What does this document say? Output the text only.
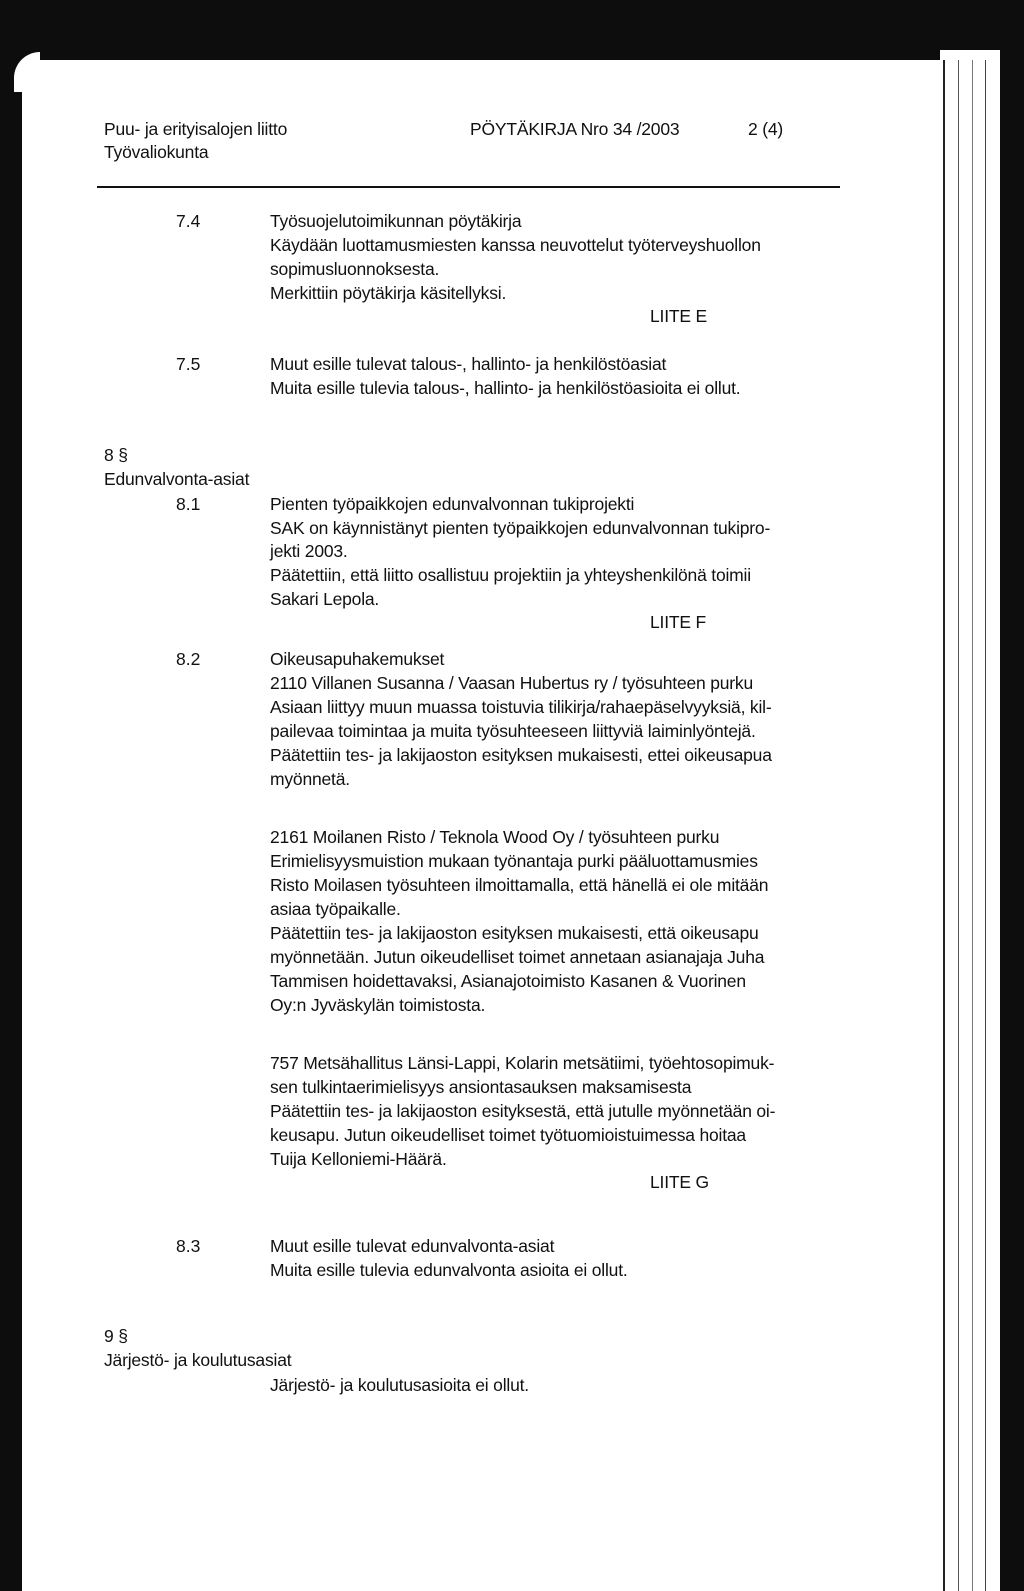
Puu- ja erityisalojen liitto
Työvaliokunta
PÖYTÄKIRJA Nro 34 /2003	2 (4)
7.4	Työsuojelutoimikunnan pöytäkirja
Käydään luottamusmiesten kanssa neuvottelut työterveyshuollon
sopimusluonnoksesta.
Merkittiin pöytäkirja käsitellyksi.
LIITE E
7.5	Muut esille tulevat talous-, hallinto- ja henkilöstöasiat
Muita esille tulevia talous-, hallinto- ja henkilöstöasioita ei ollut.
8 §
Edunvalvonta-asiat
8.1	Pienten työpaikkojen edunvalvonnan tukiprojekti
SAK on käynnistänyt pienten työpaikkojen edunvalvonnan tukipro-
jekti 2003.
Päätettiin, että liitto osallistuu projektiin ja yhteyshenkilönä toimii
Sakari Lepola.
LIITE F
8.2	Oikeusapuhakemukset
2110 Villanen Susanna / Vaasan Hubertus ry / työsuhteen purku
Asiaan liittyy muun muassa toistuvia tilikirja/rahaepäselvyyksiä, kil-
pailevaa toimintaa ja muita työsuhteeseen liittyviä laiminlyöntejä.
Päätettiin tes- ja lakijaoston esityksen mukaisesti, ettei oikeusapua
myönnetä.
2161 Moilanen Risto / Teknola Wood Oy / työsuhteen purku
Erimielisyysmuistion mukaan työnantaja purki pääluottamusmies
Risto Moilasen työsuhteen ilmoittamalla, että hänellä ei ole mitään
asiaa työpaikalle.
Päätettiin tes- ja lakijaoston esityksen mukaisesti, että oikeusapu
myönnetään. Jutun oikeudelliset toimet annetaan asianajaja Juha
Tammisen hoidettavaksi, Asianajotoimisto Kasanen & Vuorinen
Oy:n Jyväskylän toimistosta.
757 Metsähallitus Länsi-Lappi, Kolarin metsätiimi, työehtosopimuk-
sen tulkintaerimielisyys ansiontasauksen maksamisesta
Päätettiin tes- ja lakijaoston esityksestä, että jutulle myönnetään oi-
keusapu. Jutun oikeudelliset toimet työtuomioistuimessa hoitaa
Tuija Kelloniemi-Häärä.
LIITE G
8.3	Muut esille tulevat edunvalvonta-asiat
Muita esille tulevia edunvalvonta asioita ei ollut.
9 §
Järjestö- ja koulutusasiat
Järjestö- ja koulutusasioita ei ollut.
